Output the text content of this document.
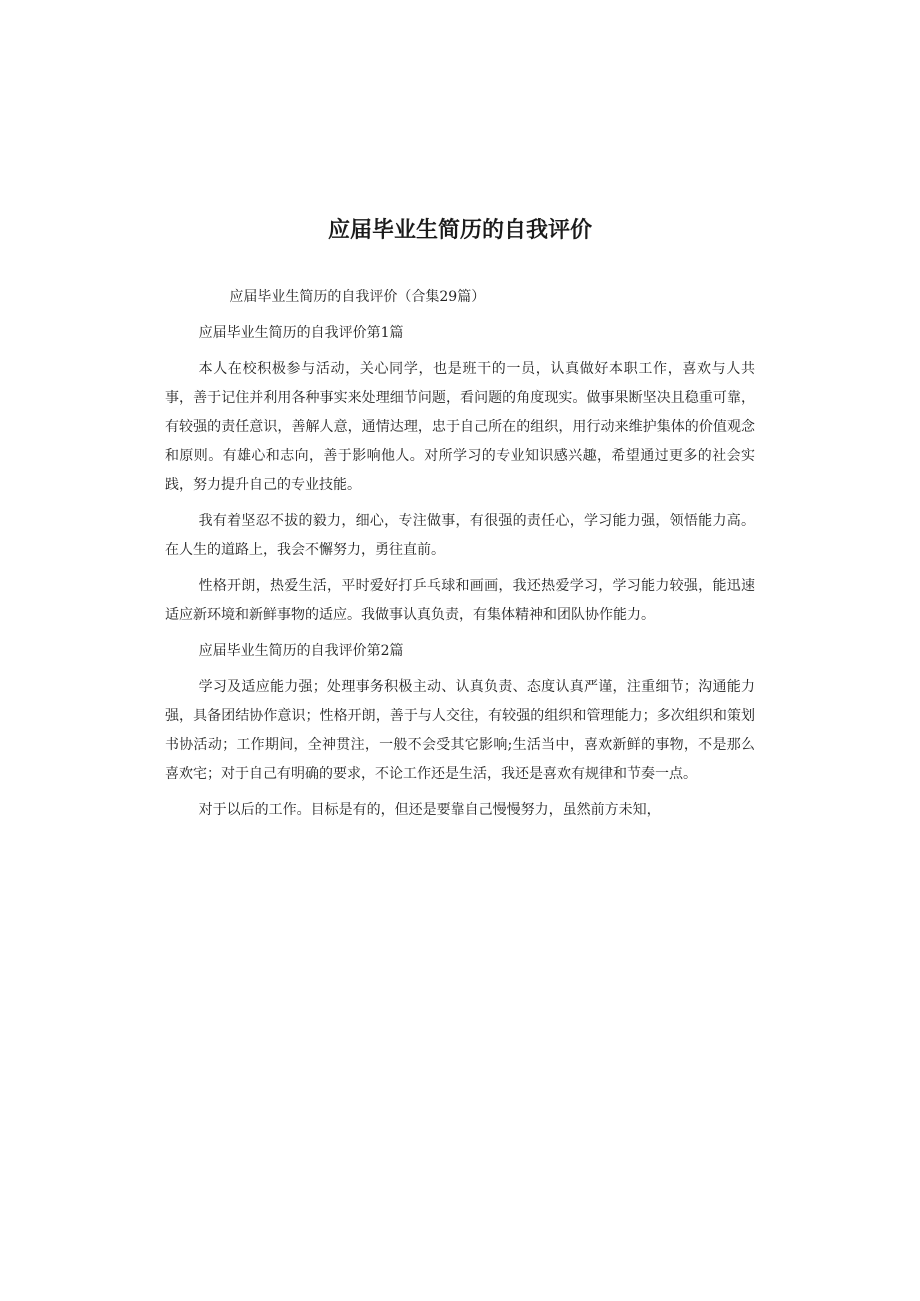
应届毕业生简历的自我评价

应届毕业生简历的自我评价（合集29篇）

应届毕业生简历的自我评价第1篇

本人在校积极参与活动，关心同学，也是班干的一员，认真做好本职工作，喜欢与人共事，善于记住并利用各种事实来处理细节问题，看问题的角度现实。做事果断坚决且稳重可靠，有较强的责任意识，善解人意，通情达理，忠于自己所在的组织，用行动来维护集体的价值观念和原则。有雄心和志向，善于影响他人。对所学习的专业知识感兴趣，希望通过更多的社会实践，努力提升自己的专业技能。

我有着坚忍不拔的毅力，细心，专注做事，有很强的责任心，学习能力强，领悟能力高。在人生的道路上，我会不懈努力，勇往直前。

性格开朗，热爱生活，平时爱好打乒乓球和画画，我还热爱学习，学习能力较强，能迅速适应新环境和新鲜事物的适应。我做事认真负责，有集体精神和团队协作能力。

应届毕业生简历的自我评价第2篇

学习及适应能力强；处理事务积极主动、认真负责、态度认真严谨，注重细节；沟通能力强，具备团结协作意识；性格开朗，善于与人交往，有较强的组织和管理能力；多次组织和策划书协活动；工作期间，全神贯注，一般不会受其它影响;生活当中，喜欢新鲜的事物，不是那么喜欢宅；对于自己有明确的要求，不论工作还是生活，我还是喜欢有规律和节奏一点。

对于以后的工作。目标是有的，但还是要靠自己慢慢努力，虽然前方未知，
